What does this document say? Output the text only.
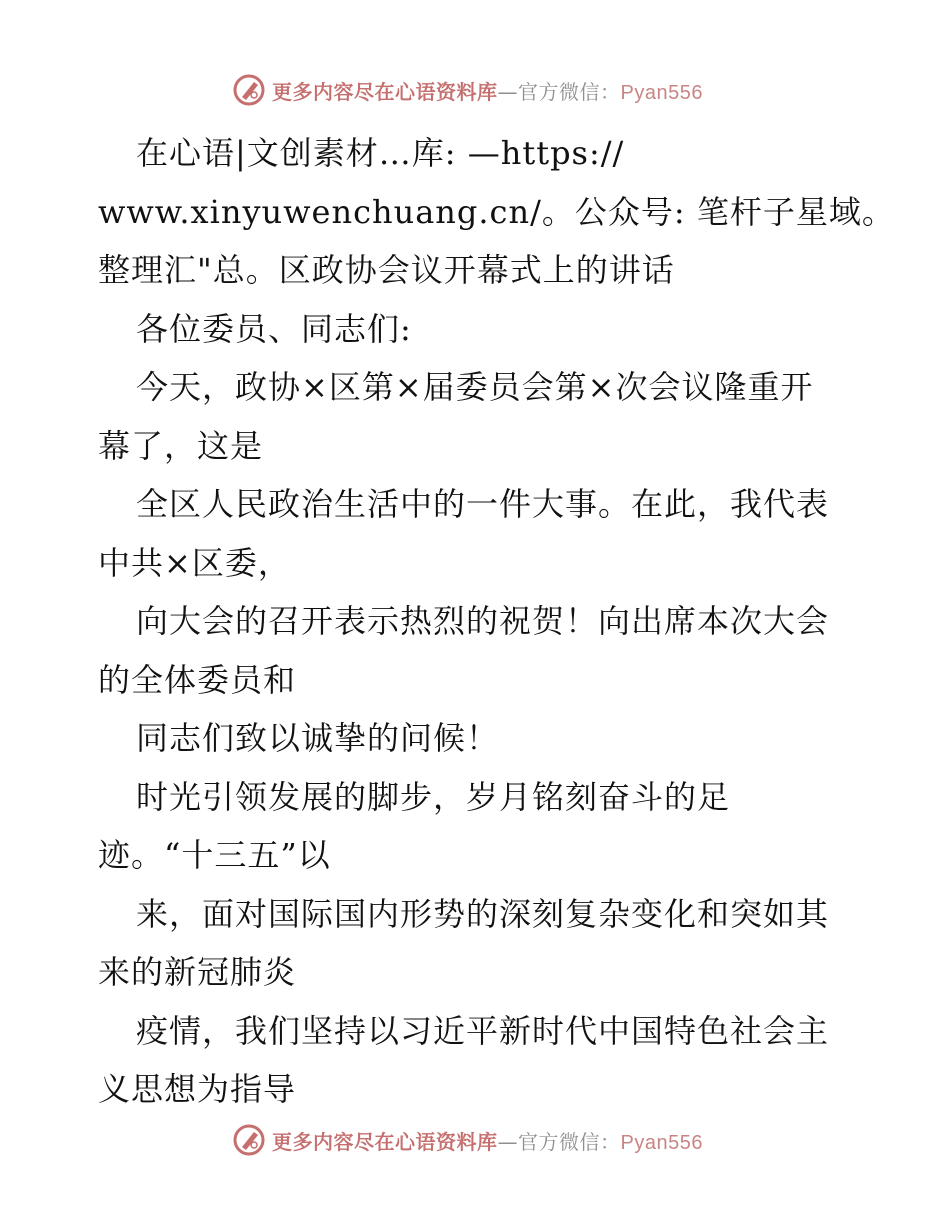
更多内容尽在心语资料库—官方微信：Pyan556
在心语|文创素材…库: —https://
www.xinyuwenchuang.cn/。公众号: 笔杆子星域。
整理汇"总。区政协会议开幕式上的讲话
各位委员、同志们:
今天，政协×区第×届委员会第×次会议隆重开
幕了，这是
全区人民政治生活中的一件大事。在此，我代表
中共×区委，
向大会的召开表示热烈的祝贺！向出席本次大会
的全体委员和
同志们致以诚挚的问候！
时光引领发展的脚步，岁月铭刻奋斗的足
迹。“十三五”以
来，面对国际国内形势的深刻复杂变化和突如其
来的新冠肺炎
疫情，我们坚持以习近平新时代中国特色社会主
义思想为指导
更多内容尽在心语资料库—官方微信：Pyan556
